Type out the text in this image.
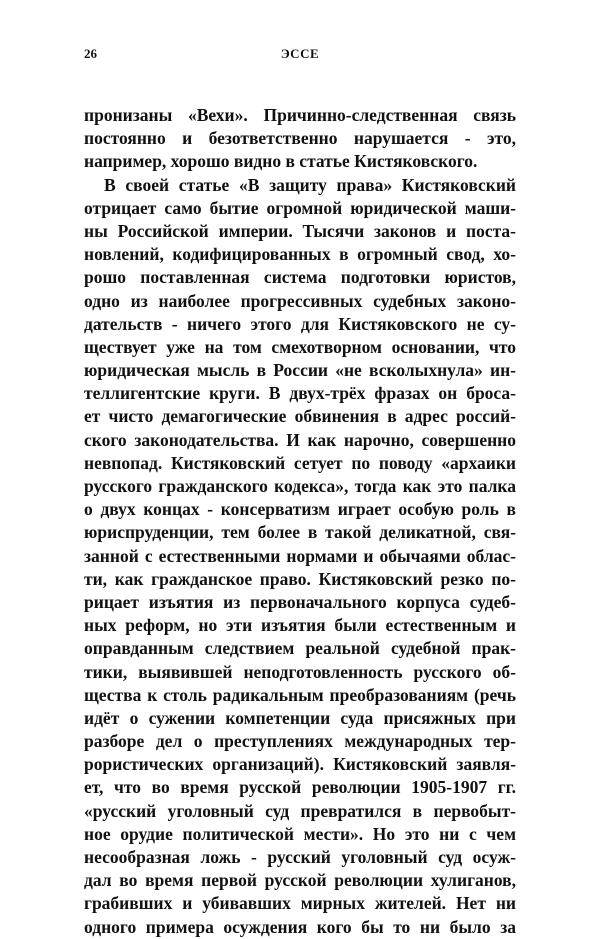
26	ЭССЕ
пронизаны «Вехи». Причинно-следственная связь
постоянно и безответственно нарушается - это,
например, хорошо видно в статье Кистяковского.
В своей статье «В защиту права» Кистяковский
отрицает само бытие огромной юридической маши-
ны Российской империи. Тысячи законов и поста-
новлений, кодифицированных в огромный свод, хо-
рошо поставленная система подготовки юристов,
одно из наиболее прогрессивных судебных законо-
дательств - ничего этого для Кистяковского не су-
ществует уже на том смехотворном основании, что
юридическая мысль в России «не всколыхнула» ин-
теллигентские круги. В двух-трёх фразах он броса-
ет чисто демагогические обвинения в адрес россий-
ского законодательства. И как нарочно, совершенно
невпопад. Кистяковский сетует по поводу «архаики
русского гражданского кодекса», тогда как это палка
о двух концах - консерватизм играет особую роль в
юриспруденции, тем более в такой деликатной, свя-
занной с естественными нормами и обычаями облас-
ти, как гражданское право. Кистяковский резко по-
рицает изъятия из первоначального корпуса судеб-
ных реформ, но эти изъятия были естественным и
оправданным следствием реальной судебной прак-
тики, выявившей неподготовленность русского об-
щества к столь радикальным преобразованиям (речь
идёт о сужении компетенции суда присяжных при
разборе дел о преступлениях международных тер-
рористических организаций). Кистяковский заявля-
ет, что во время русской революции 1905-1907 гг.
«русский уголовный суд превратился в первобыт-
ное орудие политической мести». Но это ни с чем
несообразная ложь - русский уголовный суд осуж-
дал во время первой русской революции хулиганов,
грабивших и убивавших мирных жителей. Нет ни
одного примера осуждения кого бы то ни было за
